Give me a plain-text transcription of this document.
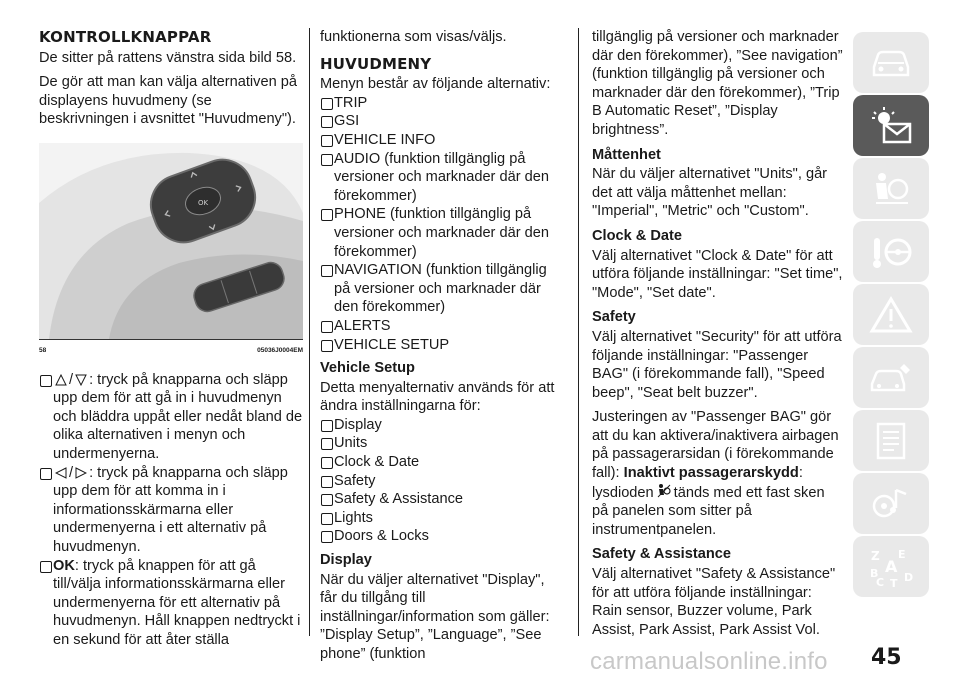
KONTROLLKNAPPAR

De sitter på rattens vänstra sida bild 58.

De gör att man kan välja alternativen på displayens huvudmeny (se beskrivningen i avsnittet "Huvudmeny").

OK
58	05036J0004EM
/ : tryck på knapparna och släpp upp dem för att gå in i huvudmenyn och bläddra uppåt eller nedåt bland de olika alternativen i menyn och undermenyerna.
/ : tryck på knapparna och släpp upp dem för att komma in i informationsskärmarna eller undermenyerna i ett alternativ på huvudmenyn.
OK: tryck på knappen för att gå till/välja informationsskärmarna eller undermenyerna för ett alternativ på huvudmenyn. Håll knappen nedtryckt i en sekund för att åter ställa

funktionerna som visas/väljs.

HUVUDMENY
Menyn består av följande alternativ:
TRIP
GSI
VEHICLE INFO
AUDIO (funktion tillgänglig på versioner och marknader där den förekommer)
PHONE (funktion tillgänglig på versioner och marknader där den förekommer)
NAVIGATION (funktion tillgänglig på versioner och marknader där den förekommer)
ALERTS
VEHICLE SETUP
Vehicle Setup
Detta menyalternativ används för att ändra inställningarna för:
Display
Units
Clock & Date
Safety
Safety & Assistance
Lights
Doors & Locks
Display
När du väljer alternativet "Display", får du tillgång till inställningar/information som gäller: ”Display Setup”, ”Language”, ”See phone” (funktion

tillgänglig på versioner och marknader där den förekommer), ”See navigation” (funktion tillgänglig på versioner och marknader där den förekommer), ”Trip B Automatic Reset”, ”Display brightness”.

Måttenhet

När du väljer alternativet "Units", går det att välja måttenhet mellan: "Imperial", "Metric" och "Custom".

Clock & Date

Välj alternativet "Clock & Date" för att utföra följande inställningar: "Set time", "Mode", "Set date".

Safety

Välj alternativet "Security" för att utföra följande inställningar: "Passenger BAG" (i förekommande fall), "Speed beep", "Seat belt buzzer".

Justeringen av "Passenger BAG" gör att du kan aktivera/inaktivera airbagen på passagerarsidan (i förekommande fall): Inaktivt passagerarskydd: lysdioden tänds med ett fast sken på panelen som sitter på instrumentpanelen.

Safety & Assistance
Välj alternativet "Safety & Assistance" för att utföra följande inställningar: Rain sensor, Buzzer volume, Park Assist, Park Assist, Park Assist Vol.
Z E
A
B
C T D
carmanualsonline.info 45
